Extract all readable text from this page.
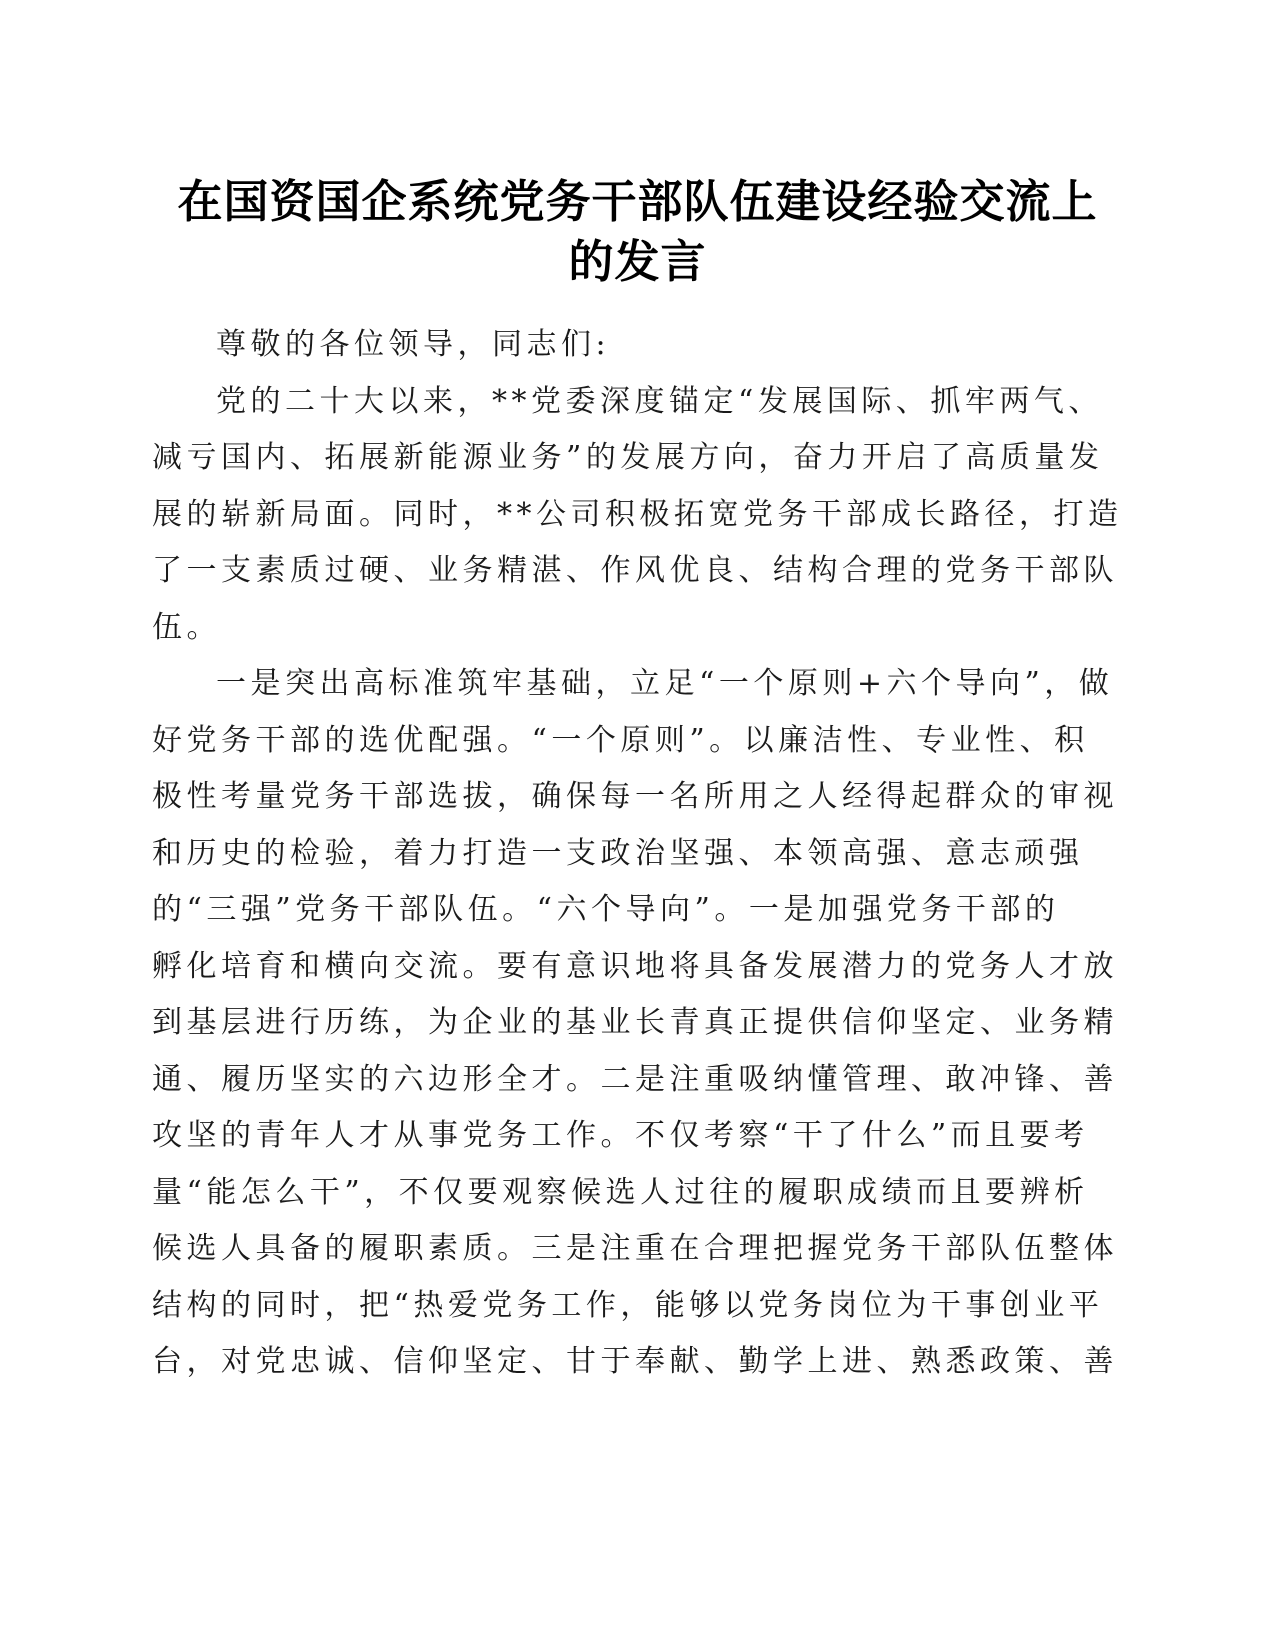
在国资国企系统党务干部队伍建设经验交流上
的发言
尊敬的各位领导，同志们:
党的二十大以来，**党委深度锚定“发展国际、抓牢两气、
减亏国内、拓展新能源业务”的发展方向，奋力开启了高质量发
展的崭新局面。同时，**公司积极拓宽党务干部成长路径，打造
了一支素质过硬、业务精湛、作风优良、结构合理的党务干部队
伍。
一是突出高标准筑牢基础，立足“一个原则+六个导向”，做
好党务干部的选优配强。“一个原则”。以廉洁性、专业性、积
极性考量党务干部选拔，确保每一名所用之人经得起群众的审视
和历史的检验，着力打造一支政治坚强、本领高强、意志顽强
的“三强”党务干部队伍。“六个导向”。一是加强党务干部的
孵化培育和横向交流。要有意识地将具备发展潜力的党务人才放
到基层进行历练，为企业的基业长青真正提供信仰坚定、业务精
通、履历坚实的六边形全才。二是注重吸纳懂管理、敢冲锋、善
攻坚的青年人才从事党务工作。不仅考察“干了什么”而且要考
量“能怎么干”，不仅要观察候选人过往的履职成绩而且要辨析
候选人具备的履职素质。三是注重在合理把握党务干部队伍整体
结构的同时，把“热爱党务工作，能够以党务岗位为干事创业平
台，对党忠诚、信仰坚定、甘于奉献、勤学上进、熟悉政策、善
